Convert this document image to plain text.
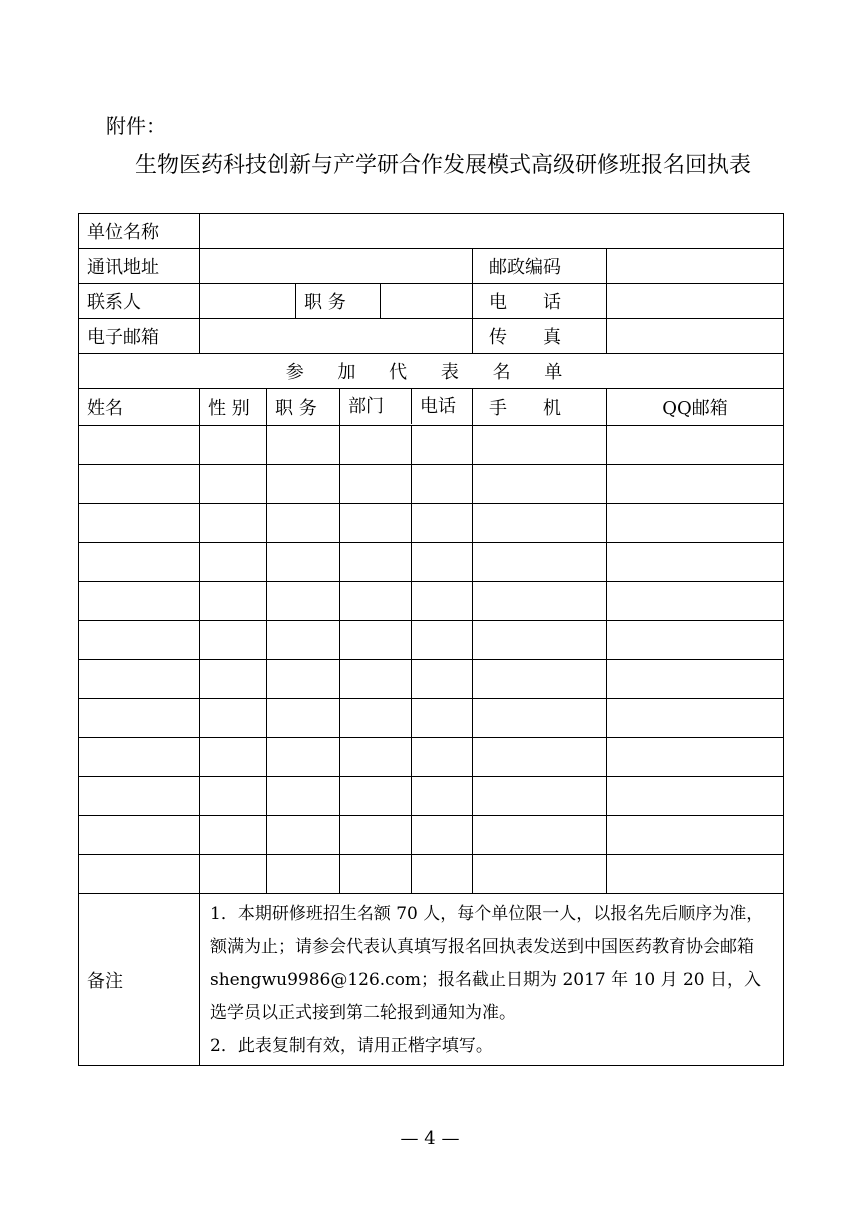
附件：
生物医药科技创新与产学研合作发展模式高级研修班报名回执表
单位名称							
通讯地址						邮政编码	

联系人			职 务			电　　话	
电子邮箱						传　　真	
参 加 代 表 名 单							
姓名	性 别	职 务		部门 电话		手　　机	QQ邮箱

备注	1．本期研修班招生名额 70 人，每个单位限一人，以报名先后顺序为准，额满为止；请参会代表认真填写报名回执表发送到中国医药教育协会邮箱 shengwu9986@126.com；报名截止日期为 2017 年 10 月 20 日，入选学员以正式接到第二轮报到通知为准。
2．此表复制有效，请用正楷字填写。						
— 4 —
